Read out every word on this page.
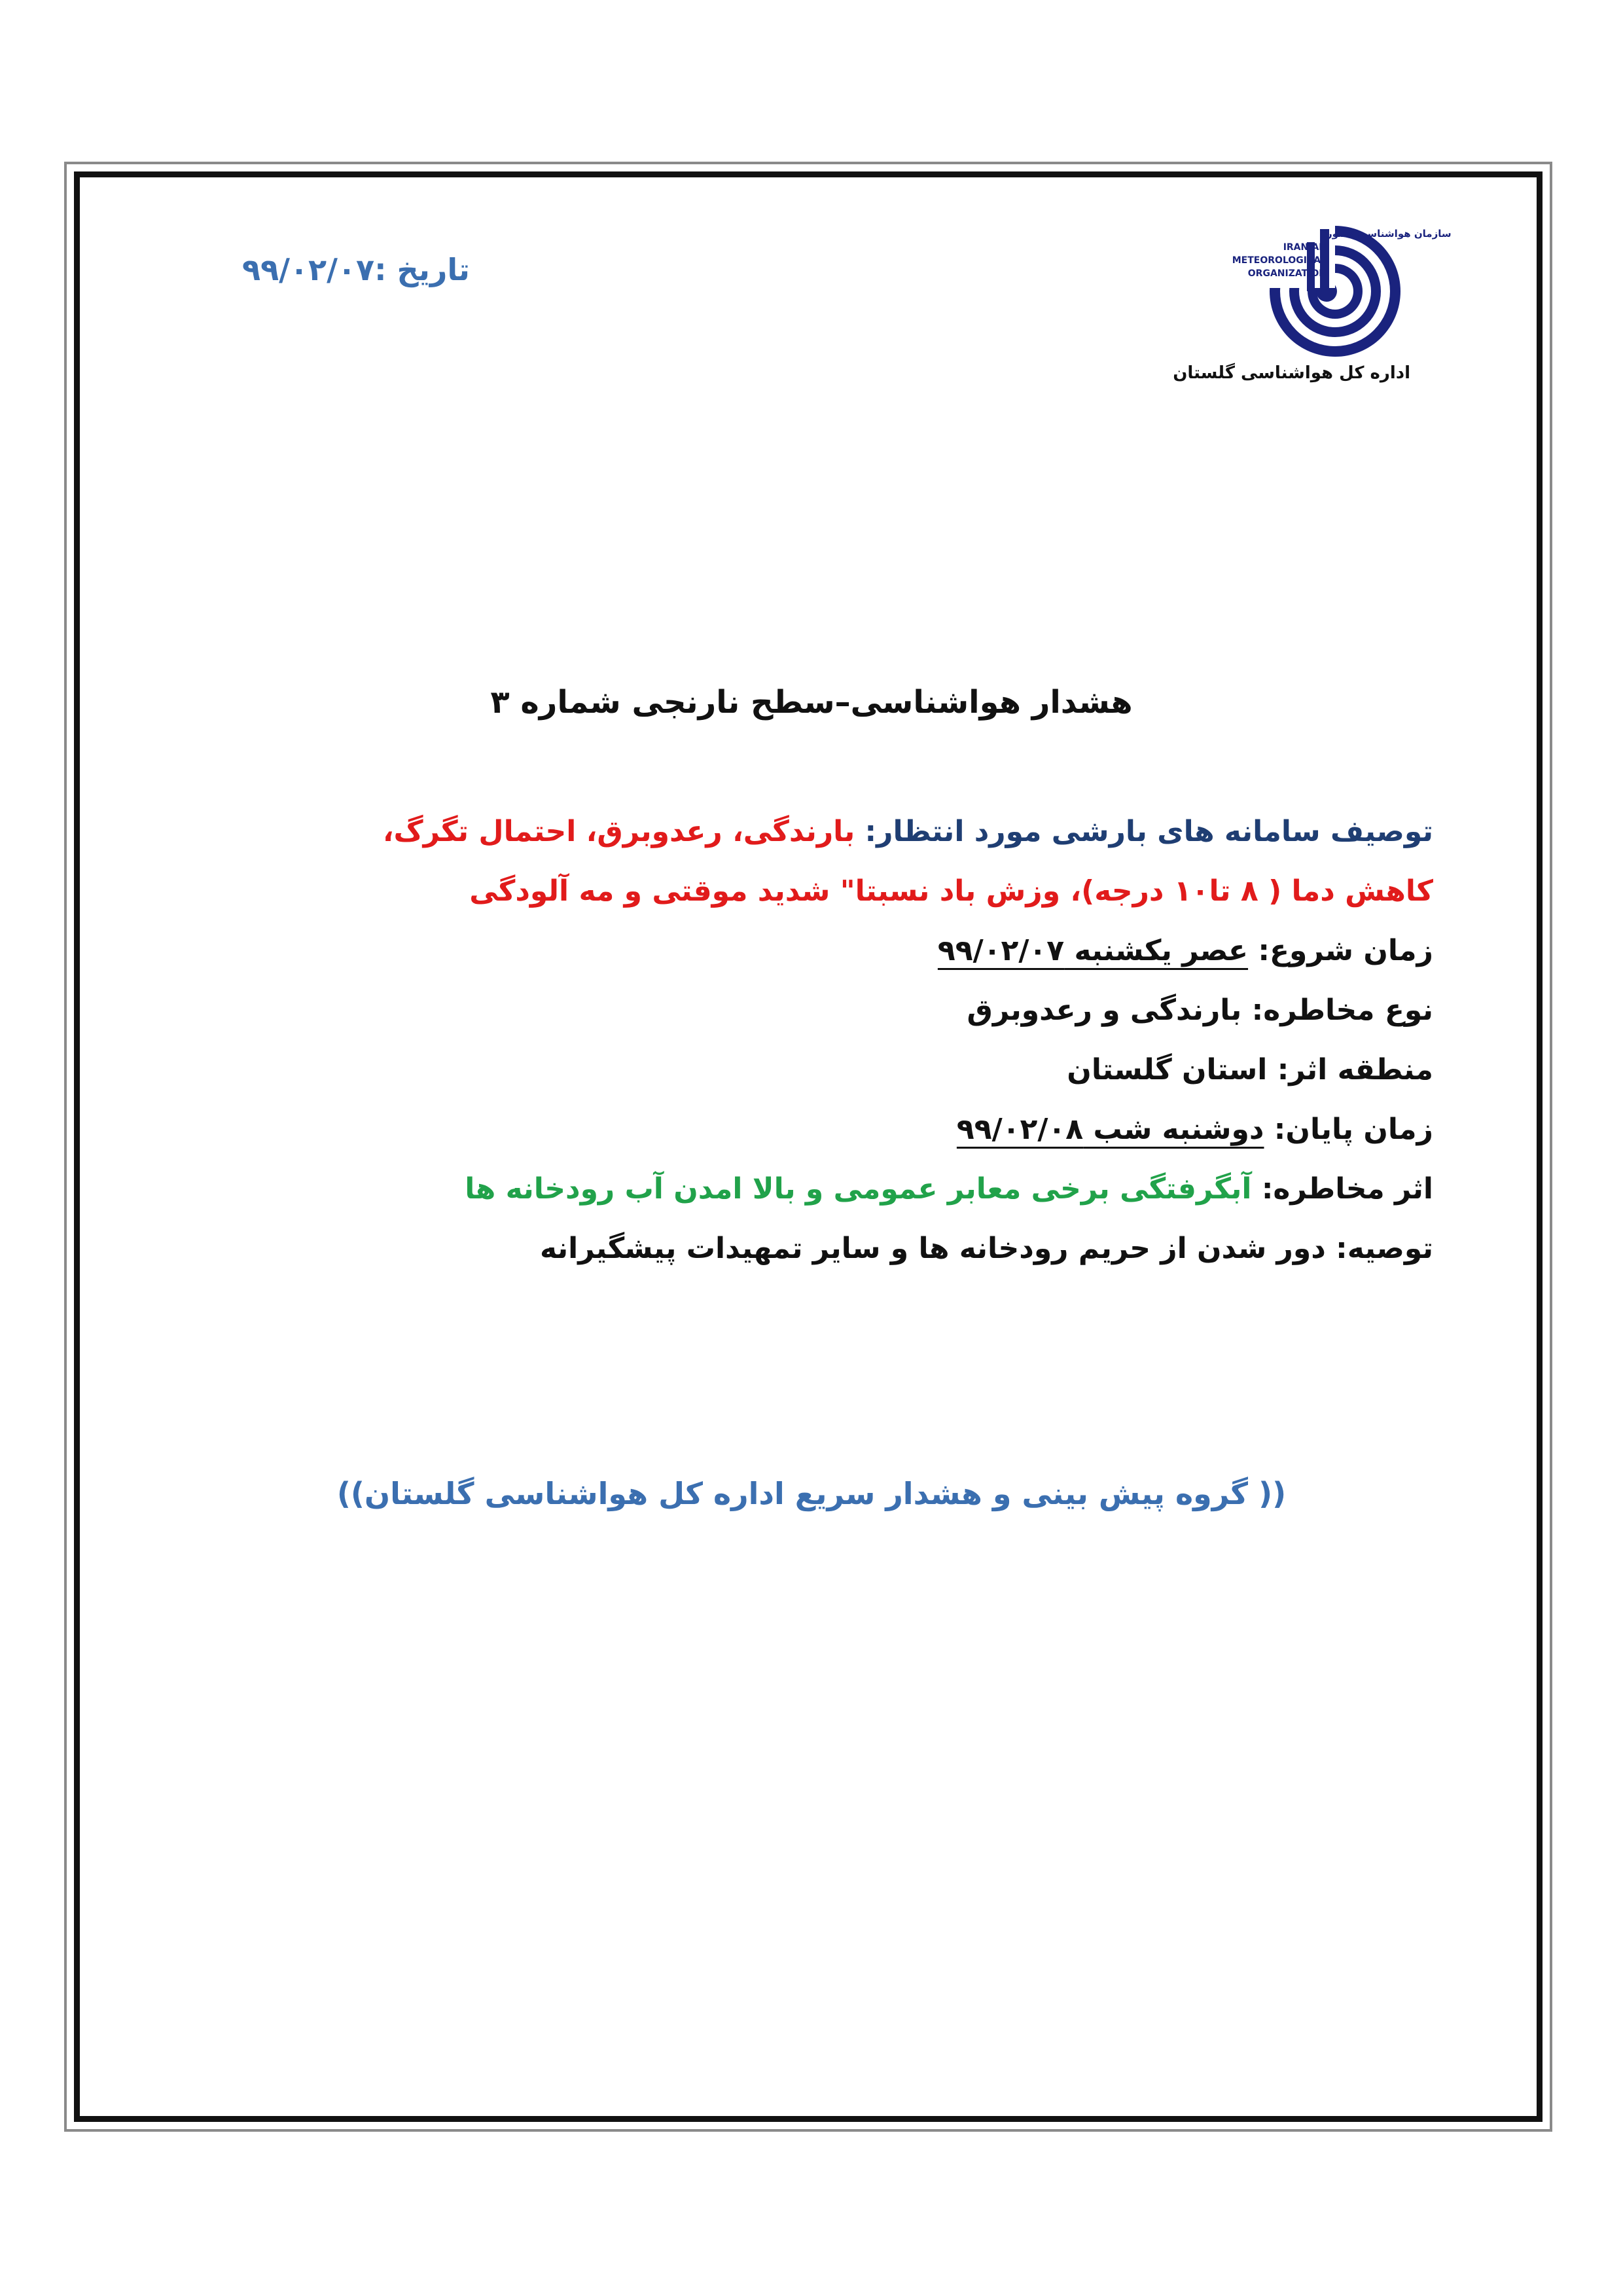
تاریخ :۹۹/۰۲/۰۷
سازمان هواشناسی کشور
IRANIAN
METEOROLOGICAL
ORGANIZATION
اداره کل هواشناسی گلستان
هشدار هواشناسی–سطح نارنجی شماره ۳
توصیف سامانه های بارشی مورد انتظار: بارندگی، رعدوبرق، احتمال تگرگ،
کاهش دما ( ۸ تا۱۰ درجه)، وزش باد نسبتا" شدید موقتی و مه آلودگی
زمان شروع: عصر یکشنبه ۹۹/۰۲/۰۷
نوع مخاطره: بارندگی و رعدوبرق
منطقه اثر: استان گلستان
زمان پایان: دوشنبه شب ۹۹/۰۲/۰۸
اثر مخاطره: آبگرفتگی برخی معابر عمومی و بالا امدن آب رودخانه ها
توصیه: دور شدن از حریم رودخانه ها و سایر تمهیدات پیشگیرانه
(( گروه پیش بینی و هشدار سریع اداره کل هواشناسی گلستان))
